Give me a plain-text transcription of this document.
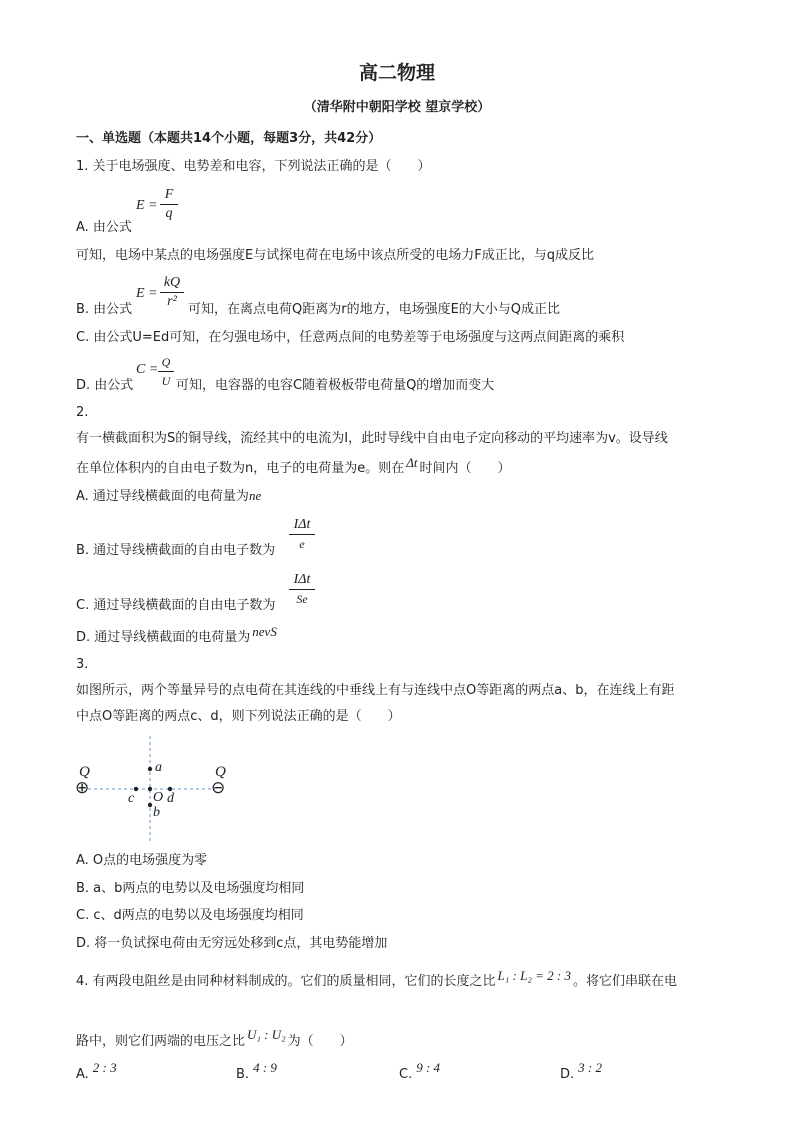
高二物理
（清华附中朝阳学校 望京学校）
一、单选题（本题共14个小题，每题3分，共42分）
1. 关于电场强度、电势差和电容，下列说法正确的是（　　）
E =
F
q
A. 由公式
可知，电场中某点的电场强度E与试探电荷在电场中该点所受的电场力F成正比，与q成反比
E =
kQ
r²
B. 由公式	可知，在离点电荷Q距离为r的地方，电场强度E的大小与Q成正比
C. 由公式U=Ed可知，在匀强电场中，任意两点间的电势差等于电场强度与这两点间距离的乘积
C = Q
U
D. 由公式	可知，电容器的电容C随着极板带电荷量Q的增加而变大
2.
有一横截面积为S的铜导线，流经其中的电流为I，此时导线中自由电子定向移动的平均速率为v。设导线
在单位体积内的自由电子数为n，电子的电荷量为e。则在 Δt 时间内（　　）
A. 通过导线横截面的电荷量为ne
IΔt
e
B. 通过导线横截面的自由电子数为
IΔt
Se
C. 通过导线横截面的自由电子数为
D. 通过导线横截面的电荷量为 nevS
3.
如图所示，两个等量异号的点电荷在其连线的中垂线上有与连线中点O等距离的两点a、b，在连线上有距
中点O等距离的两点c、d，则下列说法正确的是（　　）
Q
⊕
Q
⊖
a
c O d
b
A. O点的电场强度为零
B. a、b两点的电势以及电场强度均相同
C. c、d两点的电势以及电场强度均相同
D. 将一负试探电荷由无穷远处移到c点，其电势能增加
4. 有两段电阻丝是由同种材料制成的。它们的质量相同，它们的长度之比 L₁ : L₂ = 2 : 3 。将它们串联在电
路中，则它们两端的电压之比 U₁ : U₂ 为（　　）
A. 2 : 3	B. 4 : 9	C. 9 : 4	D. 3 : 2
